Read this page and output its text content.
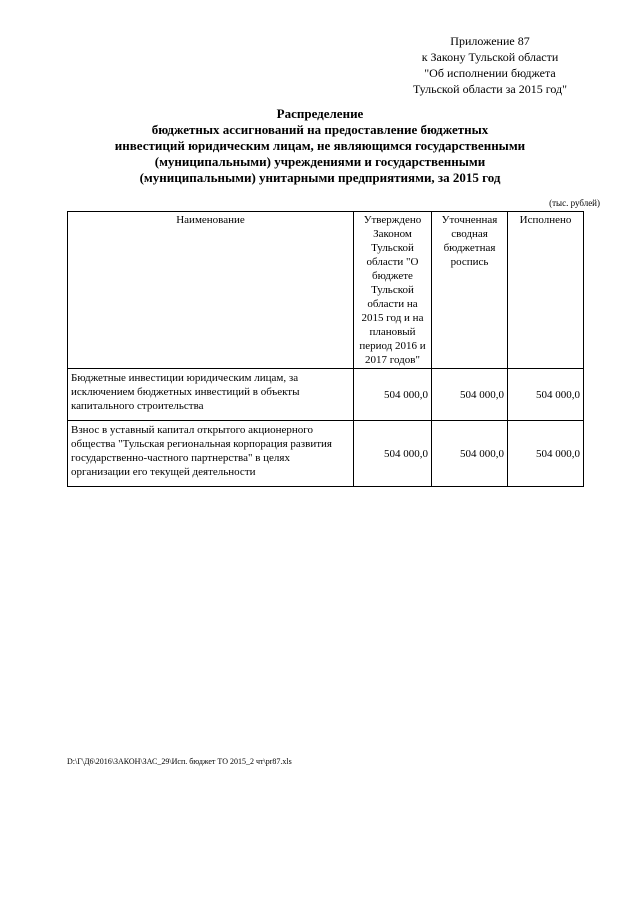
Приложение 87
к Закону Тульской области
"Об исполнении бюджета
Тульской области за 2015 год"
Распределение
бюджетных ассигнований на предоставление бюджетных
инвестиций юридическим лицам, не являющимся государственными
(муниципальными) учреждениями и государственными
(муниципальными) унитарными предприятиями, за 2015 год
(тыс. рублей)
Наименование	Утверждено Законом Тульской области "О бюджете Тульской области на 2015 год и на плановый период 2016 и 2017 годов"	Уточненная сводная бюджетная роспись	Исполнено
Бюджетные инвестиции юридическим лицам, за исключением бюджетных инвестиций в объекты капитального строительства	504 000,0	504 000,0	504 000,0
Взнос в уставный капитал открытого акционерного общества "Тульская региональная корпорация развития государственно-частного партнерства" в целях организации его текущей деятельности	504 000,0	504 000,0	504 000,0
D:\Г\Д6\2016\ЗАКОН\ЗАС_29\Исп. бюджет ТО 2015_2 чт\pr87.xls
